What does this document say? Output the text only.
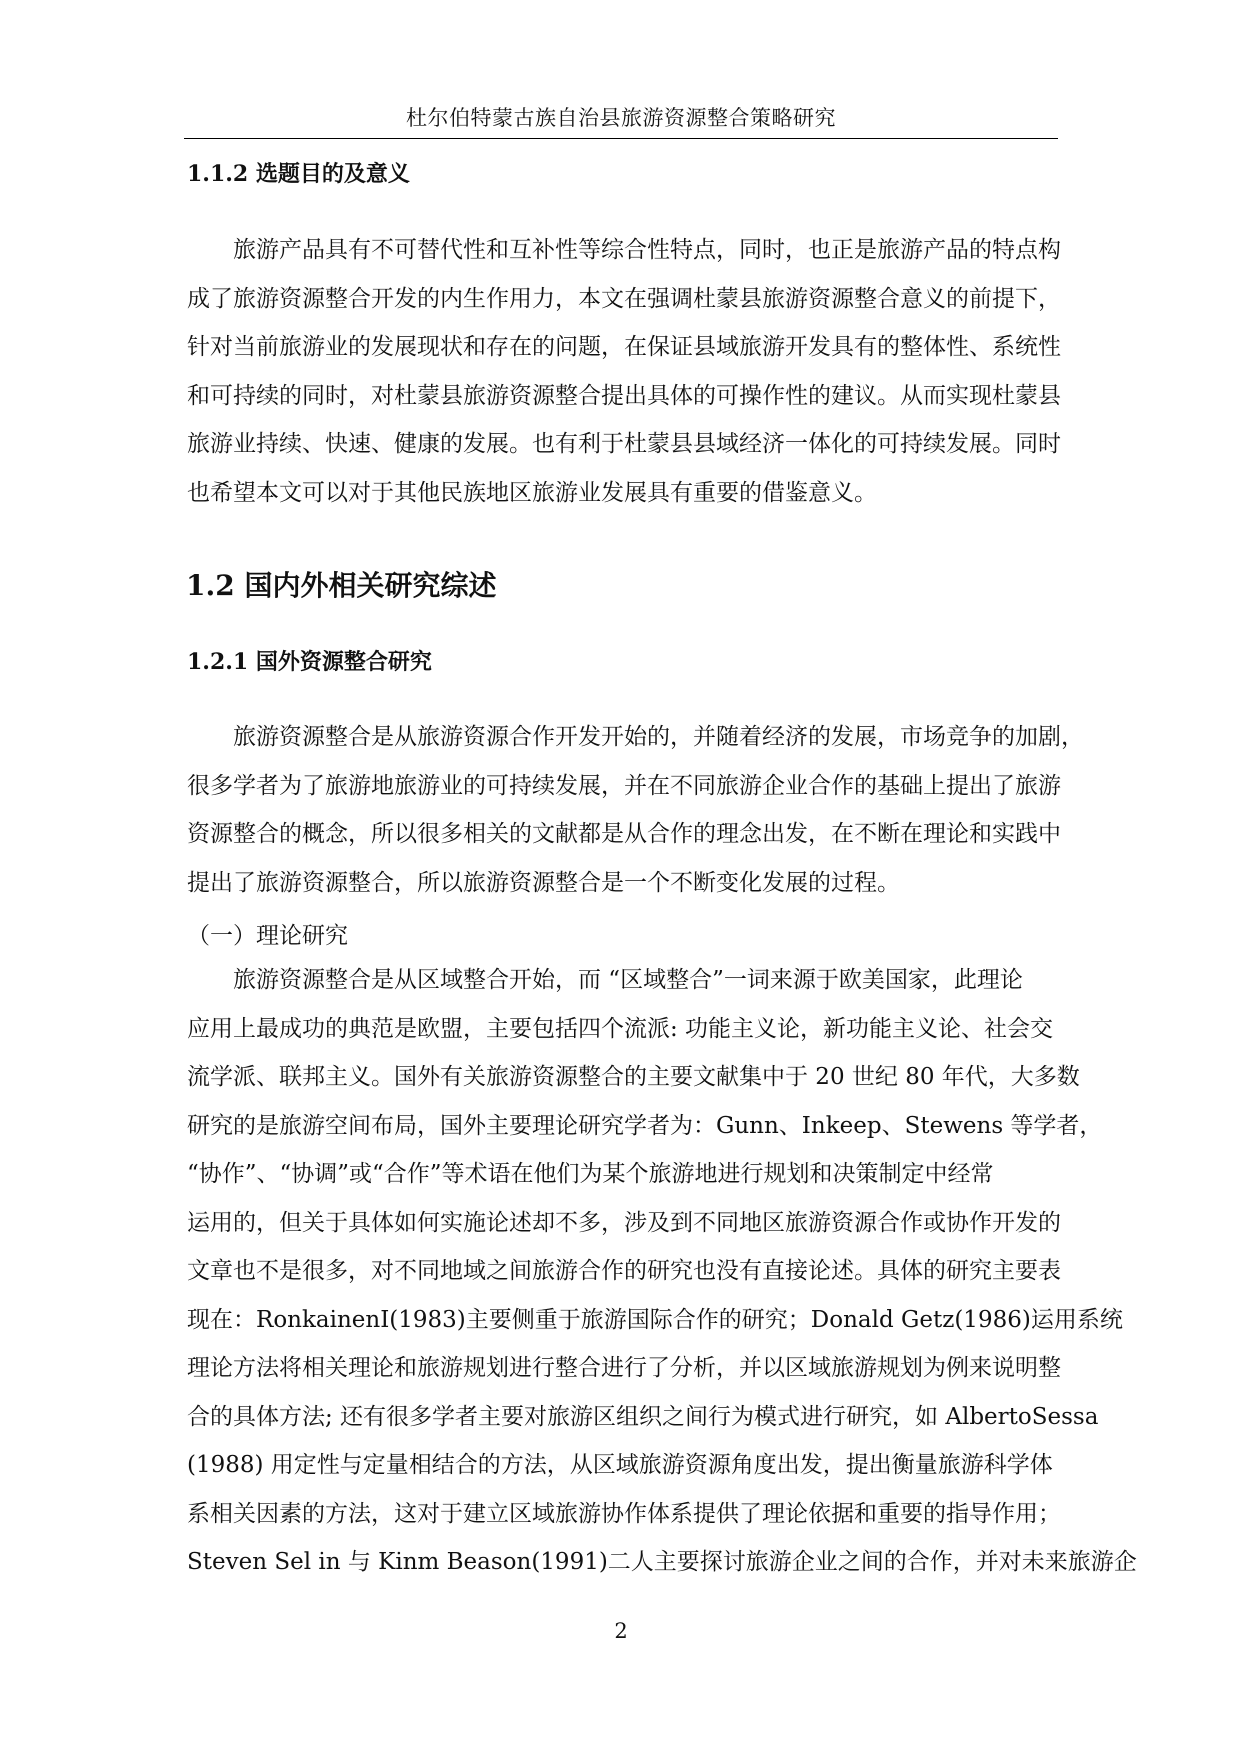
杜尔伯特蒙古族自治县旅游资源整合策略研究
1.1.2 选题目的及意义

　　旅游产品具有不可替代性和互补性等综合性特点，同时，也正是旅游产品的特点构

成了旅游资源整合开发的内生作用力，本文在强调杜蒙县旅游资源整合意义的前提下，

针对当前旅游业的发展现状和存在的问题，在保证县域旅游开发具有的整体性、系统性

和可持续的同时，对杜蒙县旅游资源整合提出具体的可操作性的建议。从而实现杜蒙县

旅游业持续、快速、健康的发展。也有利于杜蒙县县域经济一体化的可持续发展。同时

也希望本文可以对于其他民族地区旅游业发展具有重要的借鉴意义。

1.2 国内外相关研究综述
1.2.1 国外资源整合研究

　　旅游资源整合是从旅游资源合作开发开始的，并随着经济的发展，市场竞争的加剧，

很多学者为了旅游地旅游业的可持续发展，并在不同旅游企业合作的基础上提出了旅游

资源整合的概念，所以很多相关的文献都是从合作的理念出发，在不断在理论和实践中

提出了旅游资源整合，所以旅游资源整合是一个不断变化发展的过程。

（一）理论研究

　　旅游资源整合是从区域整合开始，而 “区域整合”一词来源于欧美国家，此理论

应用上最成功的典范是欧盟，主要包括四个流派: 功能主义论，新功能主义论、社会交

流学派、联邦主义。国外有关旅游资源整合的主要文献集中于 20 世纪 80 年代，大多数

研究的是旅游空间布局，国外主要理论研究学者为：Gunn、Inkeep、Stewens 等学者，

“协作”、“协调”或“合作”等术语在他们为某个旅游地进行规划和决策制定中经常

运用的，但关于具体如何实施论述却不多，涉及到不同地区旅游资源合作或协作开发的

文章也不是很多，对不同地域之间旅游合作的研究也没有直接论述。具体的研究主要表

现在：RonkainenI(1983)主要侧重于旅游国际合作的研究；Donald Getz(1986)运用系统

理论方法将相关理论和旅游规划进行整合进行了分析，并以区域旅游规划为例来说明整

合的具体方法; 还有很多学者主要对旅游区组织之间行为模式进行研究，如 AlbertoSessa

(1988) 用定性与定量相结合的方法，从区域旅游资源角度出发，提出衡量旅游科学体

系相关因素的方法，这对于建立区域旅游协作体系提供了理论依据和重要的指导作用；

Steven Sel in 与 Kinm Beason(1991)二人主要探讨旅游企业之间的合作，并对未来旅游企

2
